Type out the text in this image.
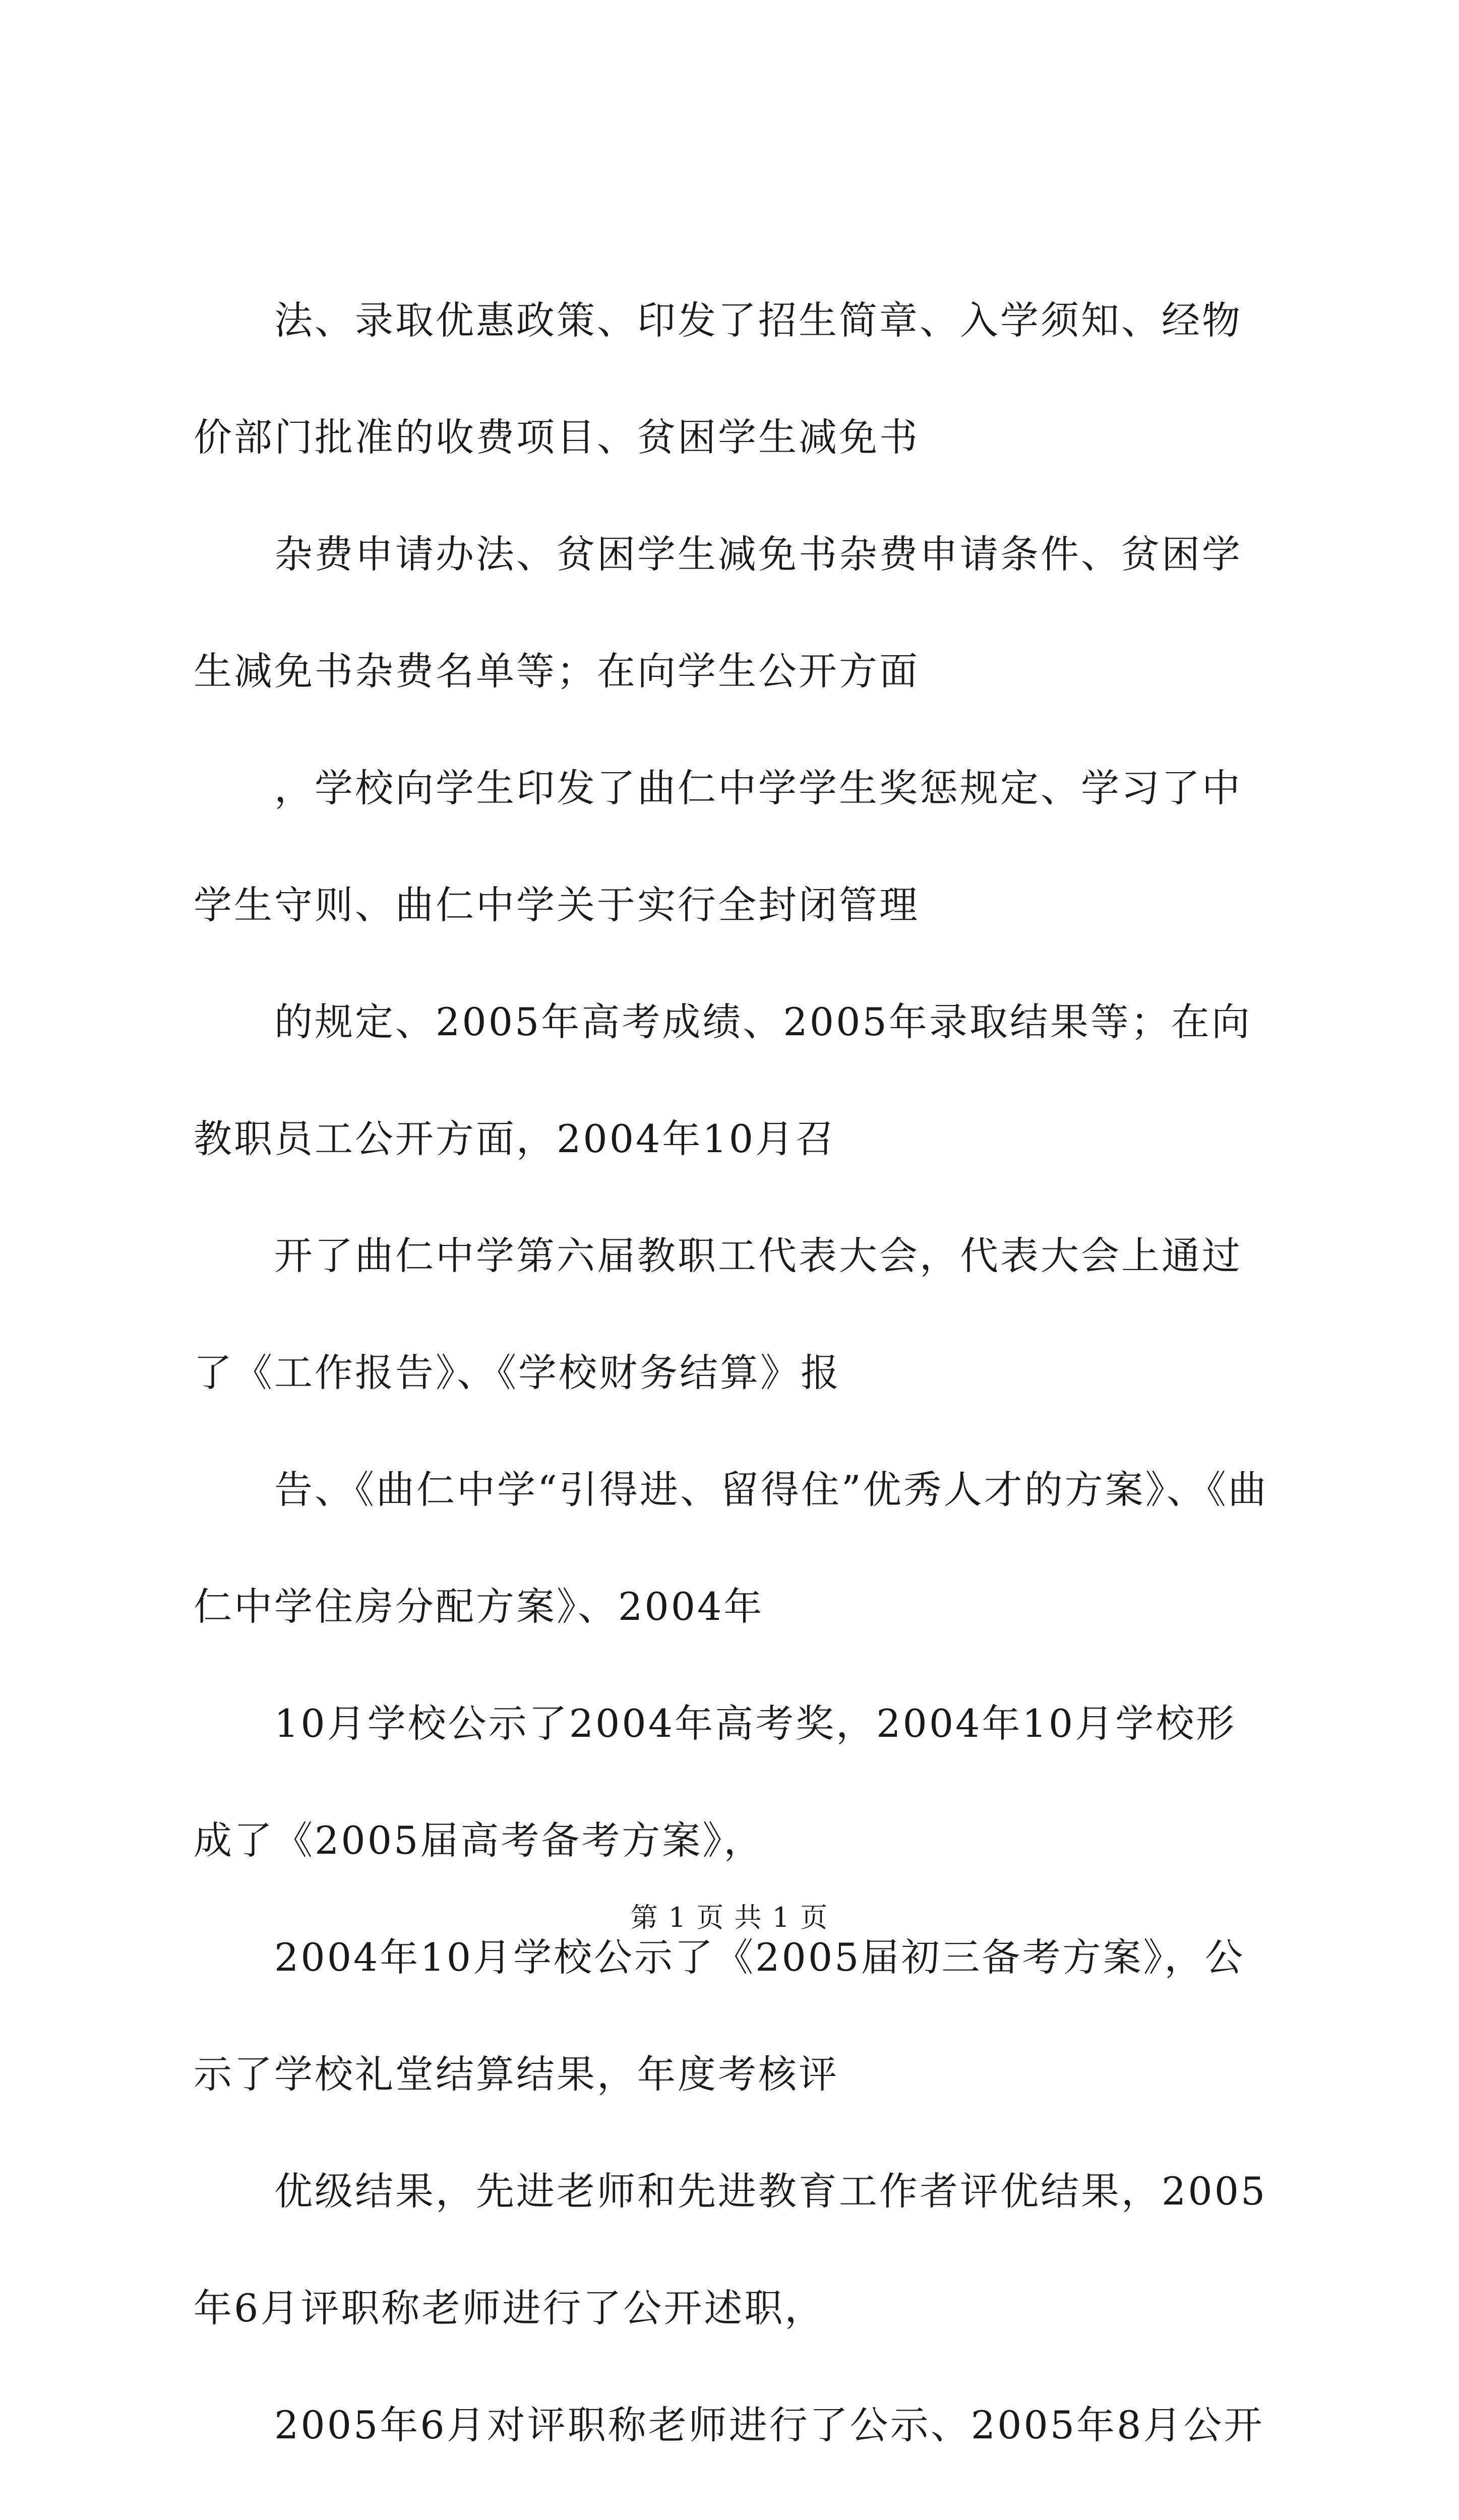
法、录取优惠政策、印发了招生简章、入学须知、经物价部门批准的收费项目、贫困学生减免书

杂费申请办法、贫困学生减免书杂费申请条件、贫困学生减免书杂费名单等；在向学生公开方面

，学校向学生印发了曲仁中学学生奖惩规定、学习了中学生守则、曲仁中学关于实行全封闭管理

的规定、2005年高考成绩、2005年录取结果等；在向教职员工公开方面，2004年10月召

开了曲仁中学第六届教职工代表大会，代表大会上通过了《工作报告》、《学校财务结算》报

告、《曲仁中学“引得进、留得住”优秀人才的方案》、《曲仁中学住房分配方案》、2004年

10月学校公示了2004年高考奖，2004年10月学校形成了《2005届高考备考方案》，

2004年10月学校公示了《2005届初三备考方案》，公示了学校礼堂结算结果，年度考核评

优级结果，先进老师和先进教育工作者评优结果，2005年6月评职称老师进行了公开述职，

2005年6月对评职称老师进行了公示、2005年8月公开

第 1 页 共 1 页
